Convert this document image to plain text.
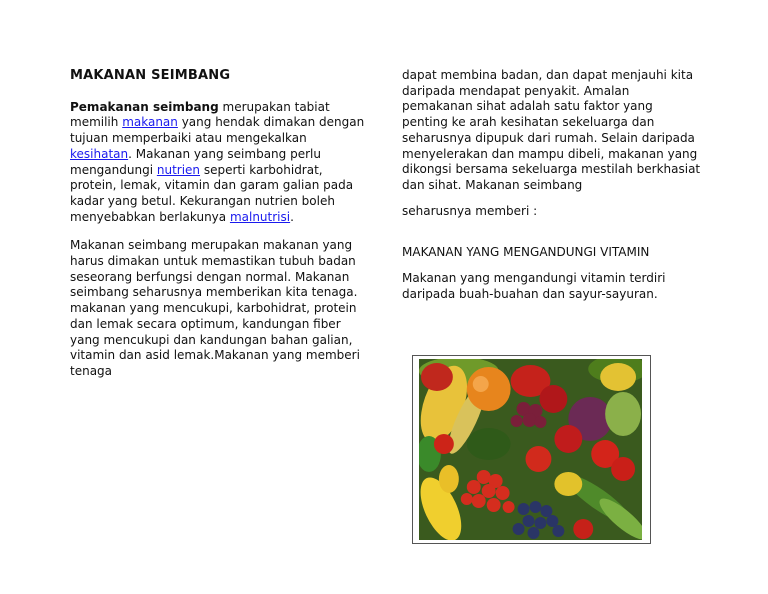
MAKANAN SEIMBANG

Pemakanan seimbang merupakan tabiat memilih makanan yang hendak dimakan dengan tujuan memperbaiki atau mengekalkan kesihatan. Makanan yang seimbang perlu mengandungi nutrien seperti karbohidrat, protein, lemak, vitamin dan garam galian pada kadar yang betul. Kekurangan nutrien boleh menyebabkan berlakunya malnutrisi.

Makanan seimbang merupakan makanan yang harus dimakan untuk memastikan tubuh badan seseorang berfungsi dengan normal. Makanan seimbang seharusnya memberikan kita tenaga. makanan yang mencukupi, karbohidrat, protein dan lemak secara optimum, kandungan fiber yang mencukupi dan kandungan bahan galian, vitamin dan asid lemak.Makanan yang memberi tenaga

dapat membina badan, dan dapat menjauhi kita daripada mendapat penyakit. Amalan pemakanan sihat adalah satu faktor yang penting ke arah kesihatan sekeluarga dan seharusnya dipupuk dari rumah. Selain daripada menyelerakan dan mampu dibeli, makanan yang dikongsi bersama sekeluarga mestilah berkhasiat dan sihat. Makanan seimbang

seharusnya memberi :

MAKANAN YANG MENGANDUNGI VITAMIN

Makanan yang mengandungi vitamin terdiri daripada buah-buahan dan sayur-sayuran.
